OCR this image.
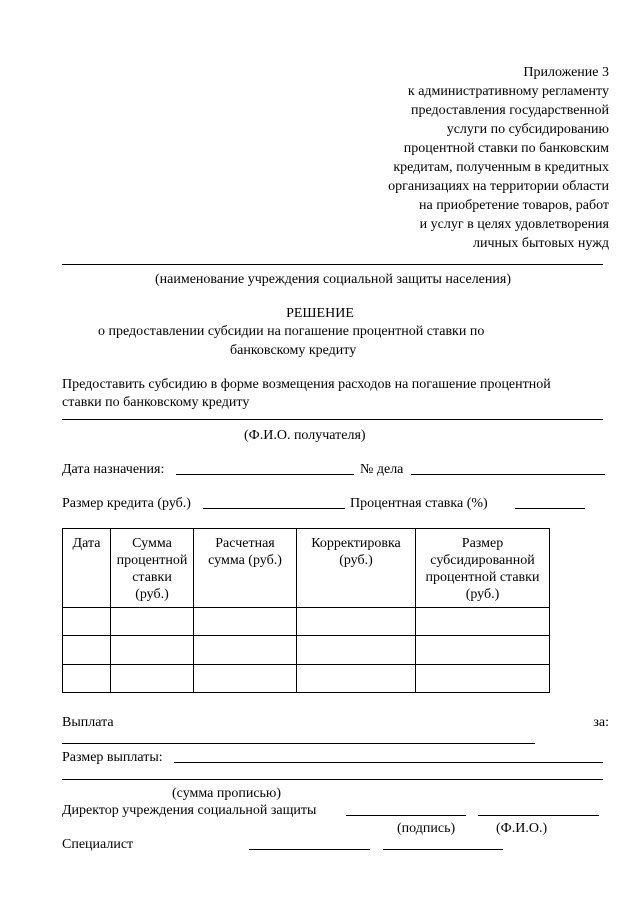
Приложение 3
к административному регламенту
предоставления государственной
услуги по субсидированию
процентной ставки по банковским
кредитам, полученным в кредитных
организациях на территории области
на приобретение товаров, работ
и услуг в целях удовлетворения
личных бытовых нужд
(наименование учреждения социальной защиты населения)
РЕШЕНИЕ
о предоставлении субсидии на погашение процентной ставки по
банковскому кредиту
Предоставить субсидию в форме возмещения расходов на погашение процентной
ставки по банковскому кредиту
(Ф.И.О. получателя)
Дата назначения:	№ дела
Размер кредита (руб.)	Процентная ставка (%)
Дата	Сумма процентной ставки (руб.)	Расчетная сумма (руб.)	Корректировка (руб.)	Размер субсидированной процентной ставки (руб.)

Выплата	за:
Размер выплаты:
(сумма прописью)
Директор учреждения социальной защиты
(подпись)	(Ф.И.О.)
Специалист
